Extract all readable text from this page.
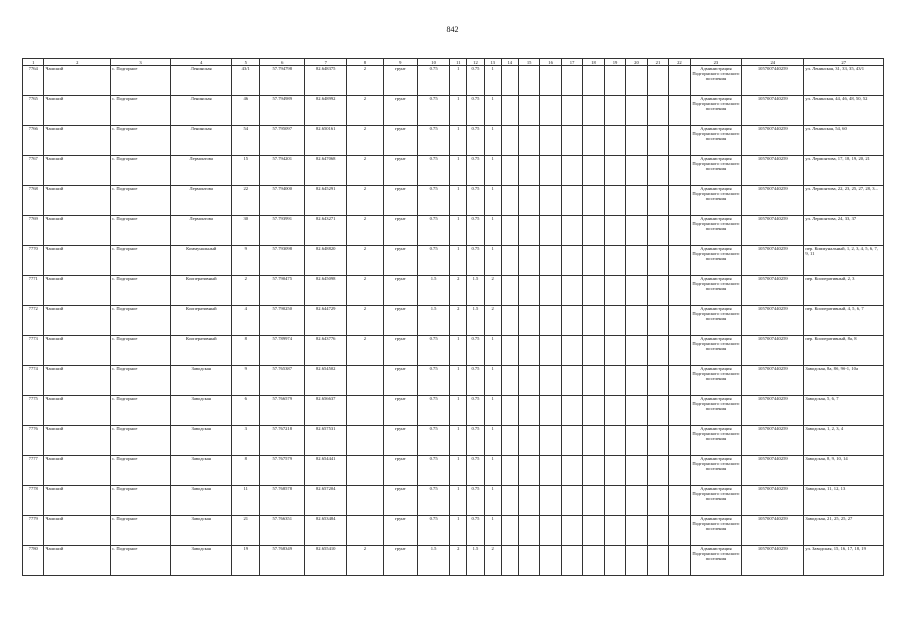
842
1	2	3	4	5	6	7	8	9	10	11	12	13	14	15	16	17	18	19	20	21	22	23	24	27
7764	Чашский	с. Подгорное	Ленинская	43/1	57.794798	82.648375	2	грунт	0.75	1	0.75	1										Администрация Подгорнского сельского поселения	1057007440259	ул. Ленинская, 31, 33, 35, 43/1
7765	Чашский	с. Подгорное	Ленинская	46	57.794989	82.648992	2	грунт	0.75	1	0.75	1										Администрация Подгорнского сельского поселения	1057007440259	ул. Ленинская, 44, 46, 48, 50, 52
7766	Чашский	с. Подгорное	Ленинская	54	57.795097	82.650161	2	грунт	0.75	1	0.75	1										Администрация Подгорнского сельского поселения	1057007440259	ул. Ленинская, 54, 60
7767	Чашский	с. Подгорное	Лермонтова	15	57.794201	82.647068	2	грунт	0.75	1	0.75	1										Администрация Подгорнского сельского поселения	1057007440259	ул. Лермонтова, 17, 18, 19, 20, 21
7768	Чашский	с. Подгорное	Лермонтова	22	57.794000	82.645291	2	грунт	0.75	1	0.75	1										Администрация Подгорнского сельского поселения	1057007440259	ул. Лермонтова, 22, 23, 25, 27, 28, 3...
7769	Чашский	с. Подгорное	Лермонтова	30	57.793991	82.643271	2	грунт	0.75	1	0.75	1										Администрация Подгорнского сельского поселения	1057007440259	ул. Лермонтова, 24, 33, 37
7770	Чашский	с. Подгорное	Коммунальный	9	57.793098	82.648820	2	грунт	0.75	1	0.75	1										Администрация Подгорнского сельского поселения	1057007440259	пер. Коммунальный, 1, 2, 3, 4, 5, 6, 7, 9, 11
7771	Чашский	с. Подгорное	Кооперативный	2	57.790475	82.645098	2	грунт	1.5	2	1.5	2										Администрация Подгорнского сельского поселения	1057007440259	пер. Кооперативный, 2, 3
7772	Чашский	с. Подгорное	Кооперативный	4	57.790250	82.644729	2	грунт	1.5	2	1.5	2										Администрация Подгорнского сельского поселения	1057007440259	пер. Кооперативный, 4, 5, 6, 7
7773	Чашский	с. Подгорное	Кооперативный	8	57.789974	82.643776	2	грунт	0.75	1	0.75	1										Администрация Подгорнского сельского поселения	1057007440259	пер. Кооперативный, 8а, 8
7774	Чашский	с. Подгорное	Заводская	9	57.765387	82.654502		грунт	0.75	1	0.75	1										Администрация Подгорнского сельского поселения	1057007440259	Заводская, 8а, 8б, 9б-1, 10а
7775	Чашский	с. Подгорное	Заводская	6	57.766579	82.656637		грунт	0.75	1	0.75	1										Администрация Подгорнского сельского поселения	1057007440259	Заводская, 5, 6, 7
7776	Чашский	с. Подгорное	Заводская	3	57.767218	82.657531		грунт	0.75	1	0.75	1										Администрация Подгорнского сельского поселения	1057007440259	Заводская, 1, 2, 3, 4
7777	Чашский	с. Подгорное	Заводская	8	57.767579	82.654441		грунт	0.75	1	0.75	1										Администрация Подгорнского сельского поселения	1057007440259	Заводская, 8, 9, 10, 14
7778	Чашский	с. Подгорное	Заводская	11	57.768578	82.657204		грунт	0.75	1	0.75	1										Администрация Подгорнского сельского поселения	1057007440259	Заводская, 11, 12, 13
7779	Чашский	с. Подгорное	Заводская	21	57.766351	82.653484		грунт	0.75	1	0.75	1										Администрация Подгорнского сельского поселения	1057007440259	Заводская, 21, 25, 25, 27
7780	Чашский	с. Подгорное	Заводская	19	57.768349	82.655410	2	грунт	1.5	2	1.5	2										Администрация Подгорнского сельского поселения	1057007440259	ул. Заводская, 15, 16, 17, 18, 19
